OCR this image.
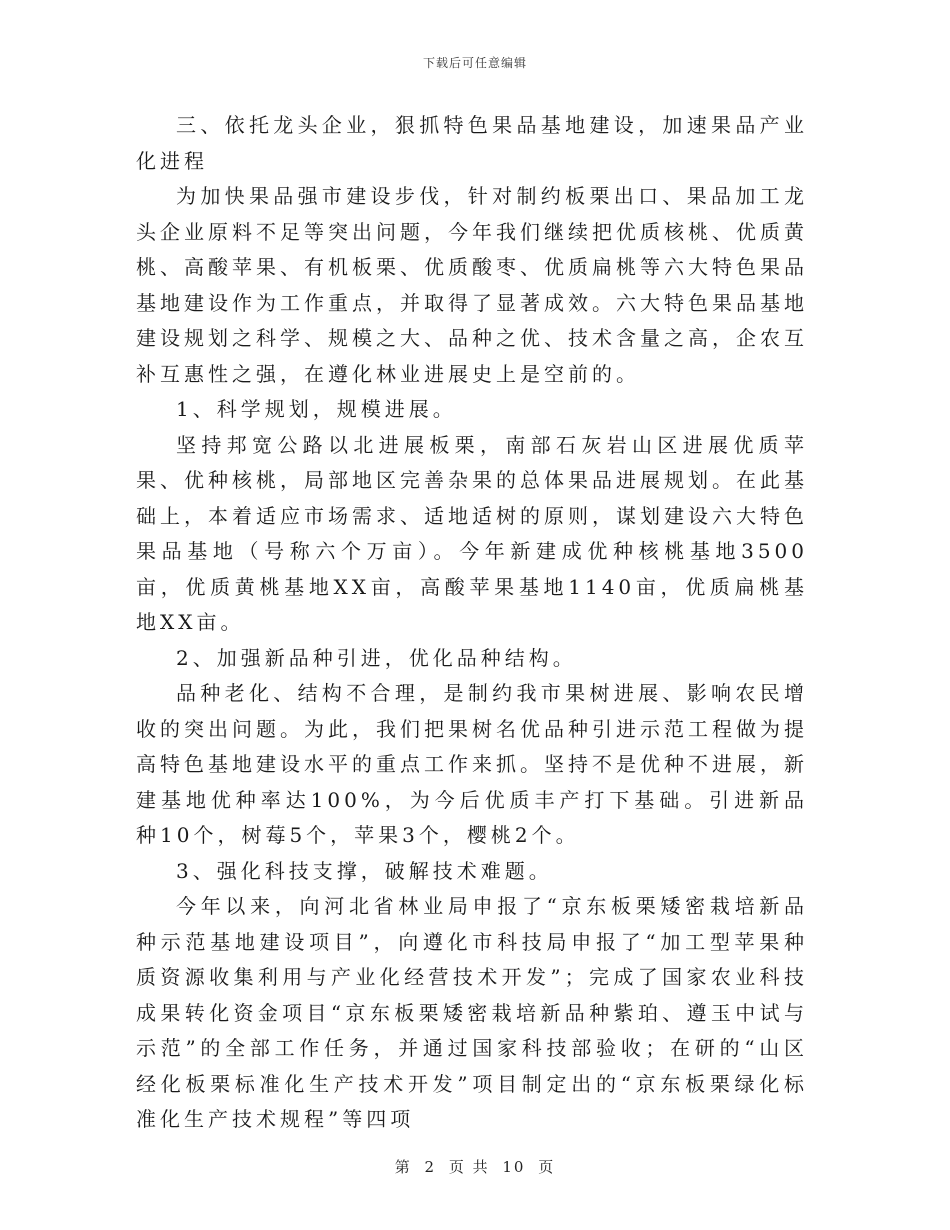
下载后可任意编辑

三、依托龙头企业，狠抓特色果品基地建设，加速果品产业化进程

为加快果品强市建设步伐，针对制约板栗出口、果品加工龙头企业原料不足等突出问题，今年我们继续把优质核桃、优质黄桃、高酸苹果、有机板栗、优质酸枣、优质扁桃等六大特色果品基地建设作为工作重点，并取得了显著成效。六大特色果品基地建设规划之科学、规模之大、品种之优、技术含量之高，企农互补互惠性之强，在遵化林业进展史上是空前的。

1、科学规划，规模进展。

坚持邦宽公路以北进展板栗，南部石灰岩山区进展优质苹果、优种核桃，局部地区完善杂果的总体果品进展规划。在此基础上，本着适应市场需求、适地适树的原则，谋划建设六大特色果品基地（号称六个万亩）。今年新建成优种核桃基地3500亩，优质黄桃基地XX亩，高酸苹果基地1140亩，优质扁桃基地XX亩。

2、加强新品种引进，优化品种结构。

品种老化、结构不合理，是制约我市果树进展、影响农民增收的突出问题。为此，我们把果树名优品种引进示范工程做为提高特色基地建设水平的重点工作来抓。坚持不是优种不进展，新建基地优种率达100%，为今后优质丰产打下基础。引进新品种10个，树莓5个，苹果3个，樱桃2个。

3、强化科技支撑，破解技术难题。

今年以来，向河北省林业局申报了“京东板栗矮密栽培新品种示范基地建设项目”，向遵化市科技局申报了“加工型苹果种质资源收集利用与产业化经营技术开发”；完成了国家农业科技成果转化资金项目“京东板栗矮密栽培新品种紫珀、遵玉中试与示范”的全部工作任务，并通过国家科技部验收；在研的“山区经化板栗标准化生产技术开发”项目制定出的“京东板栗绿化标准化生产技术规程”等四项

第 2 页 共 10 页
